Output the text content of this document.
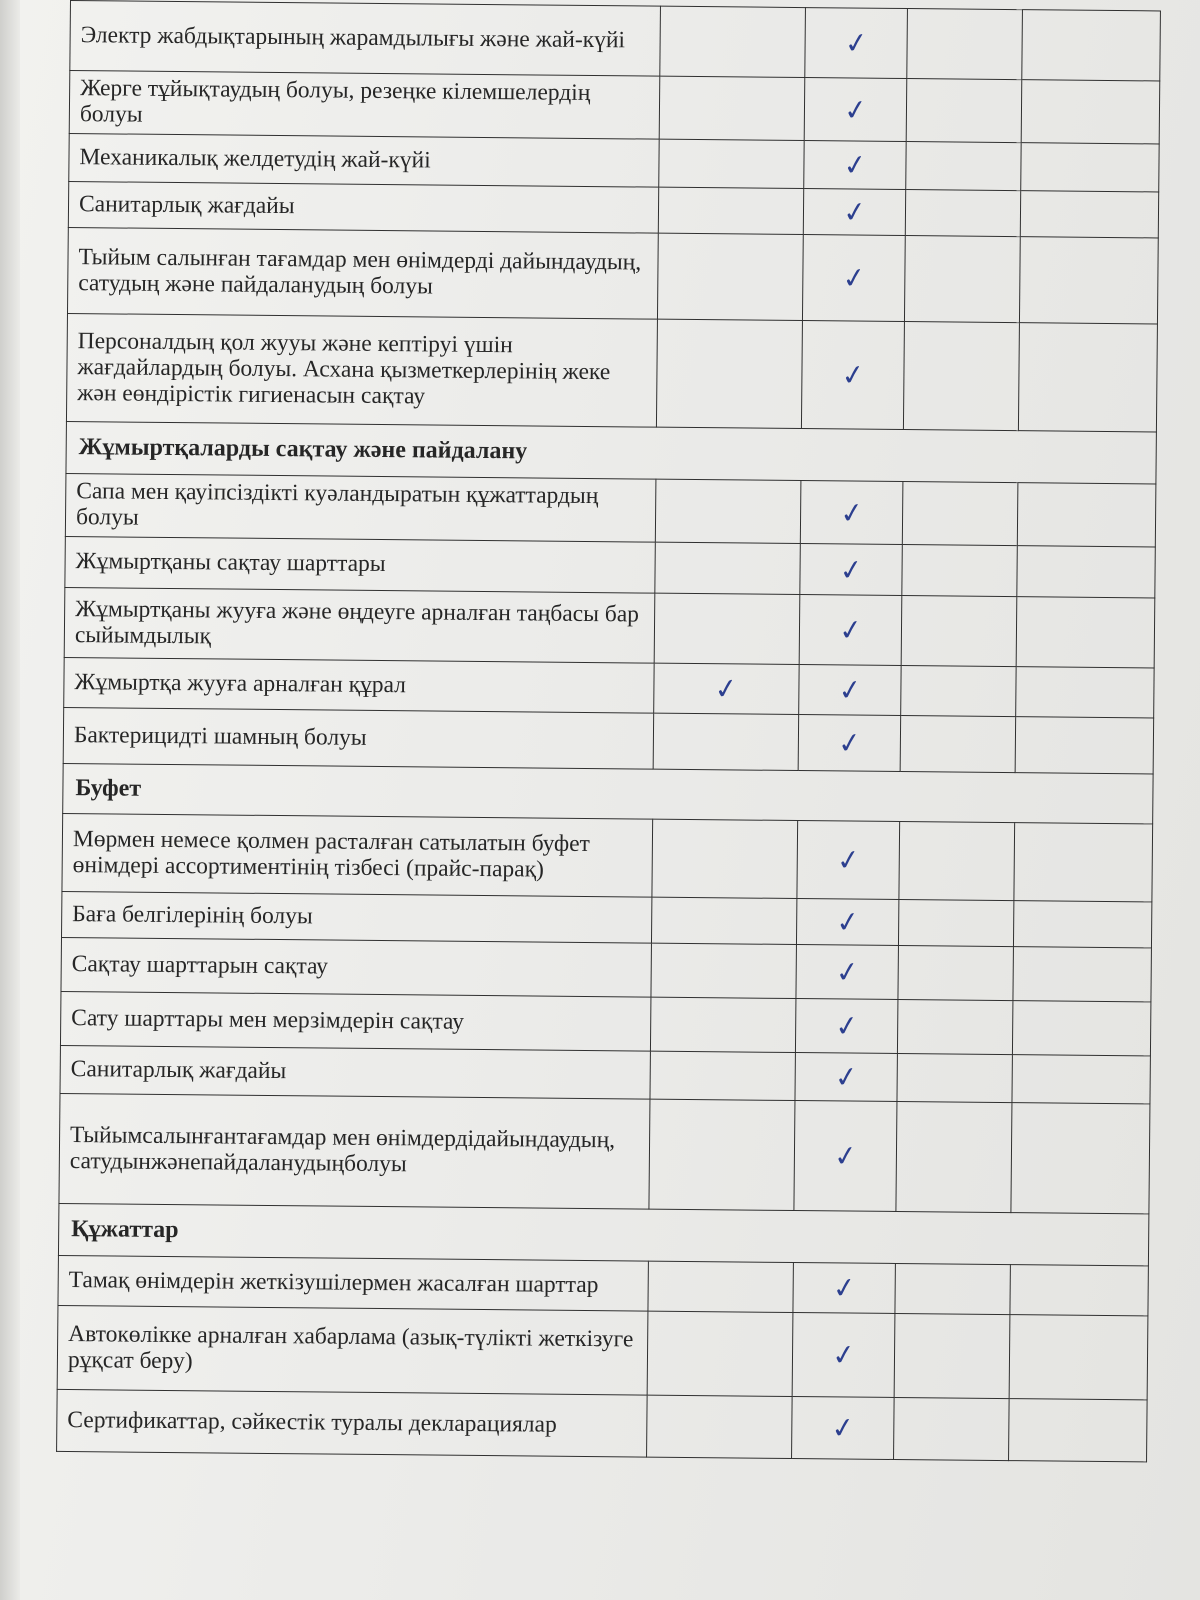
Электр жабдықтарының жарамдылығы және жай-күйі		✓		
Жерге тұйықтаудың болуы, резеңке кілемшелердің болуы		✓		
Механикалық желдетудің жай-күйі		✓		
Санитарлық жағдайы		✓		
Тыйым салынған тағамдар мен өнімдерді дайындаудың, сатудың және пайдаланудың болуы		✓		
Персоналдың қол жууы және кептіруі үшін жағдайлардың болуы. Асхана қызметкерлерінің жеке жән еөндірістік гигиенасын сақтау		✓		
Жұмыртқаларды сақтау және пайдалану				
Сапа мен қауіпсіздікті куәландыратын құжаттардың болуы		✓		
Жұмыртқаны сақтау шарттары		✓		
Жұмыртқаны жууға және өңдеуге арналған таңбасы бар сыйымдылық		✓		
Жұмыртқа жууға арналған құрал	✓	✓		
Бактерицидті шамның болуы		✓		
Буфет				
Мөрмен немесе қолмен расталған сатылатын буфет өнімдері ассортиментінің тізбесі (прайс-парақ)		✓		
Баға белгілерінің болуы		✓		
Сақтау шарттарын сақтау		✓		
Сату шарттары мен мерзімдерін сақтау		✓		
Санитарлық жағдайы		✓		
Тыйымсалынғантағамдар мен өнімдердідайындаудың, сатудынжәнепайдаланудыңболуы		✓		
Құжаттар				
Тамақ өнімдерін жеткізушілермен жасалған шарттар		✓		
Автокөлікке арналған хабарлама (азық-түлікті жеткізуге рұқсат беру)		✓		
Сертификаттар, сәйкестік туралы декларациялар		✓		
